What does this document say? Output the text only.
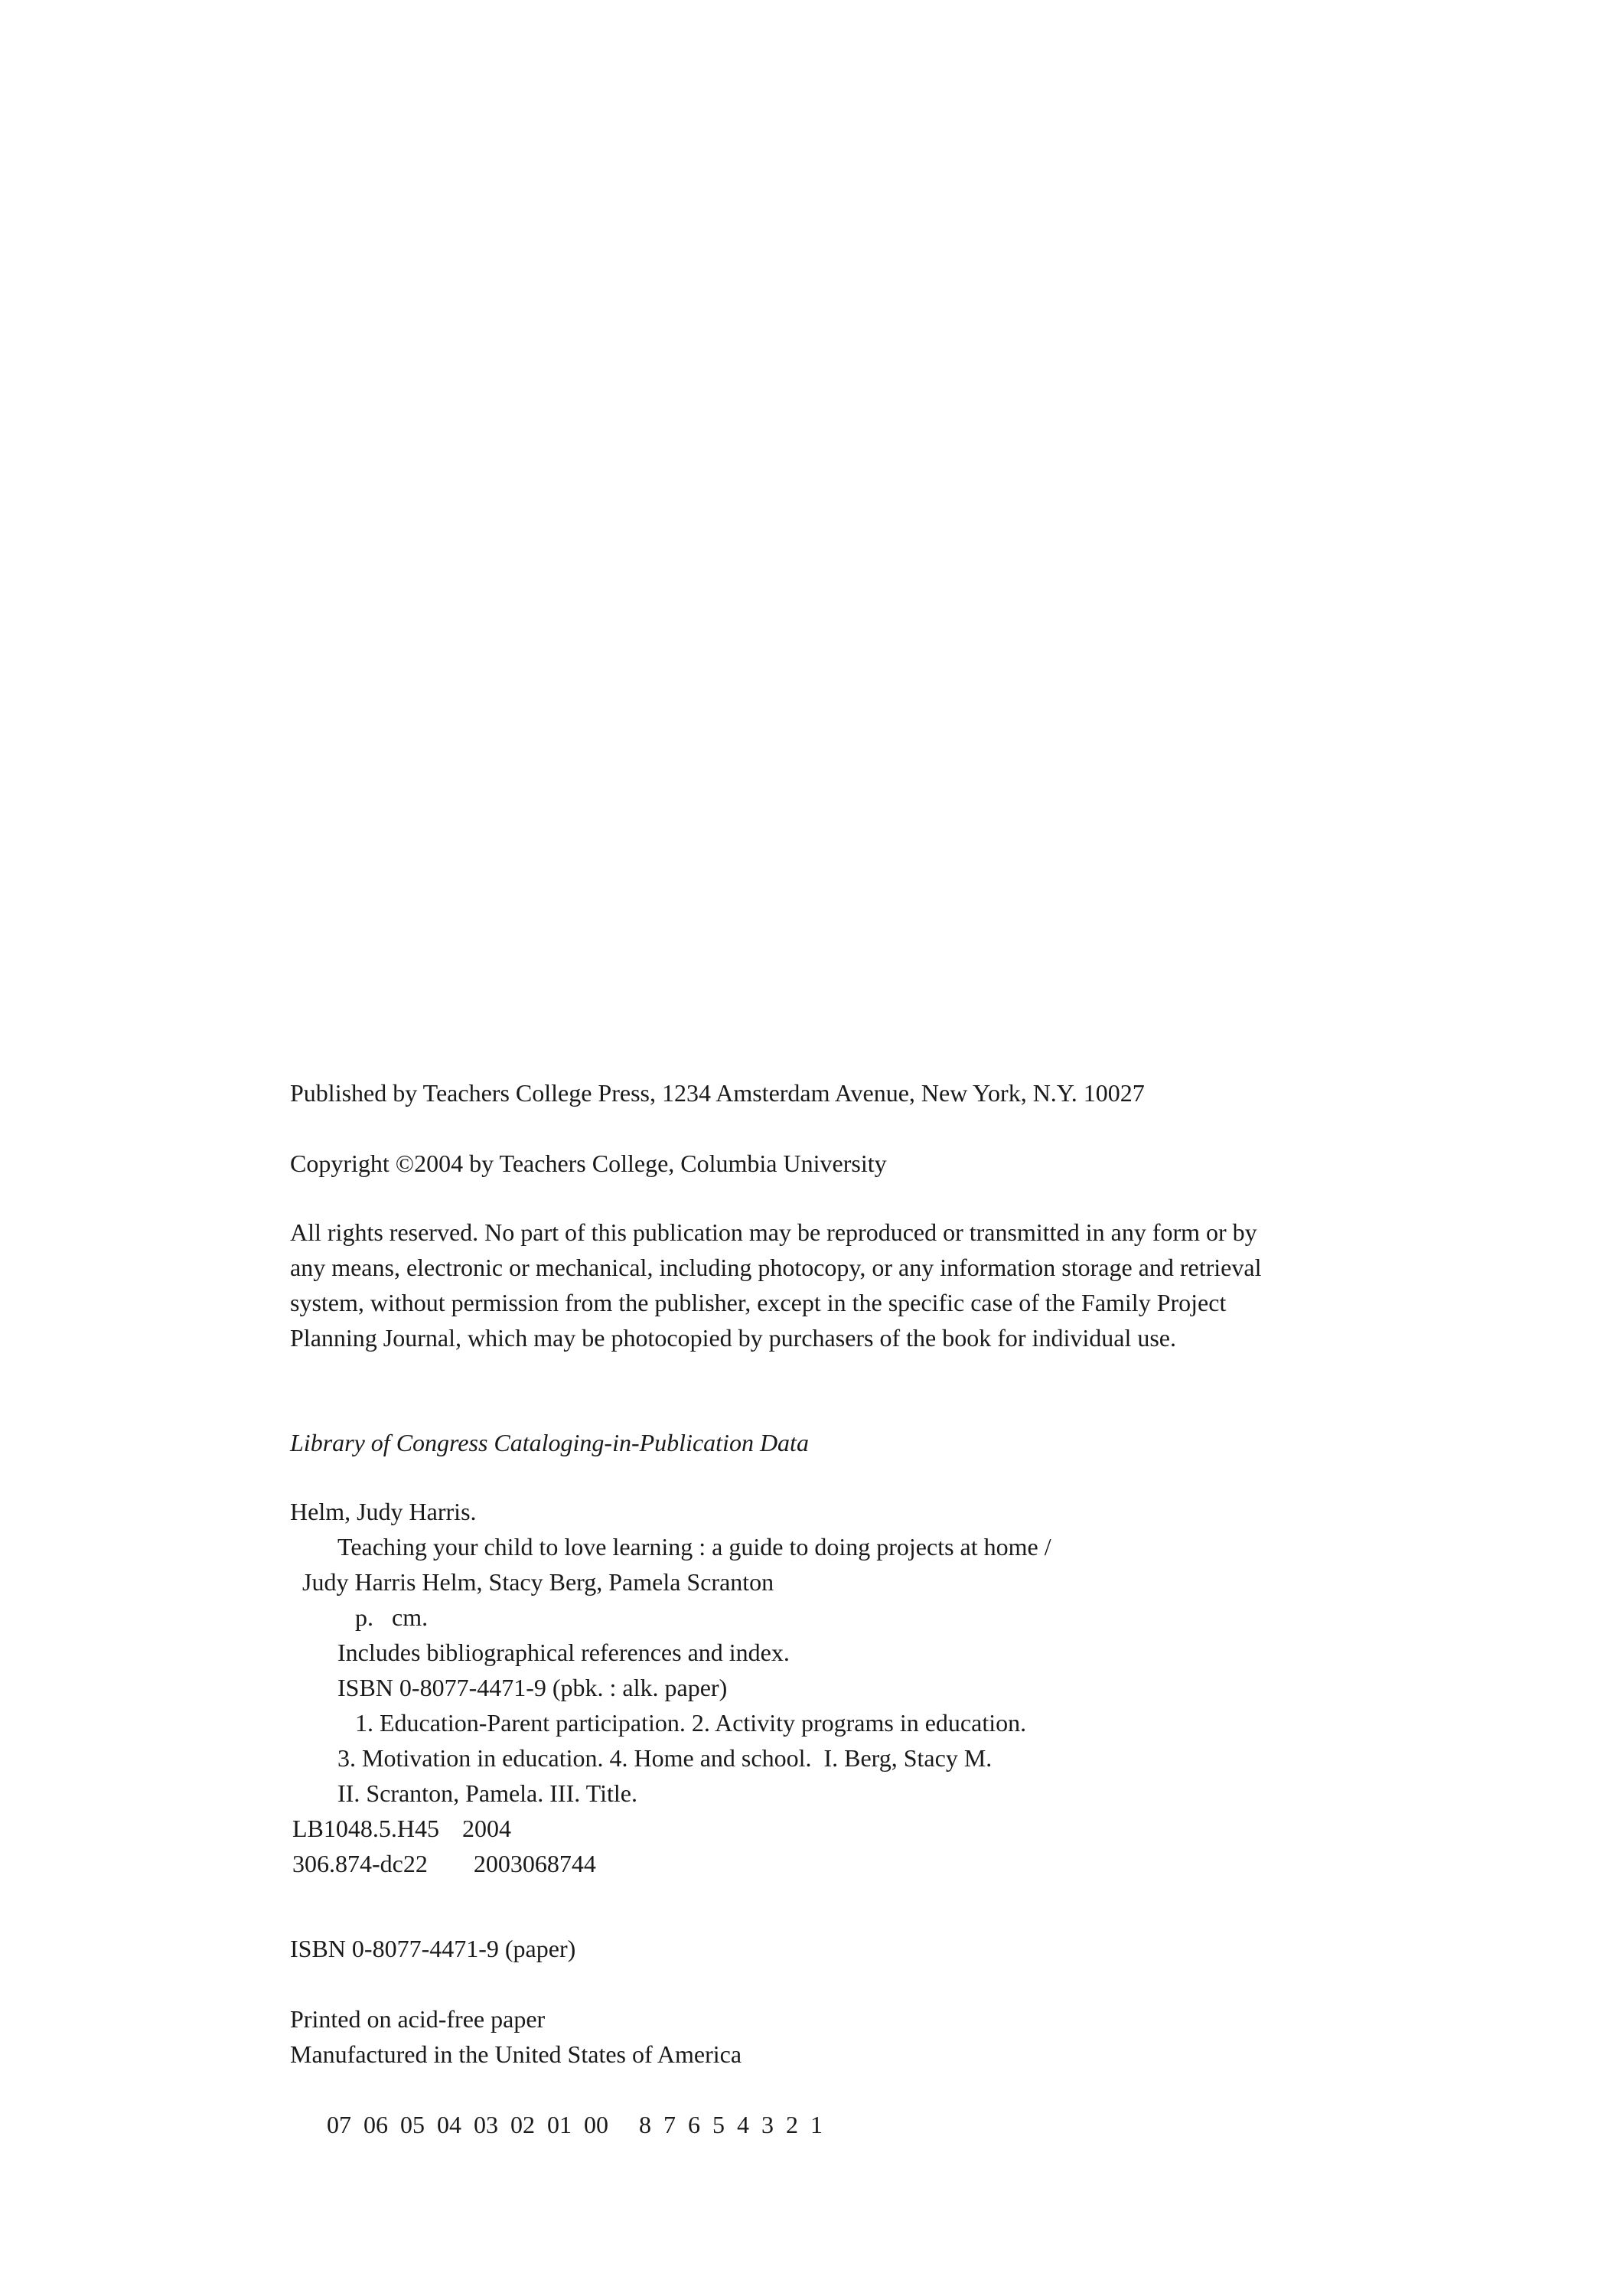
Published by Teachers College Press, 1234 Amsterdam Avenue, New York, N.Y. 10027
Copyright ©2004 by Teachers College, Columbia University
All rights reserved. No part of this publication may be reproduced or transmitted in any form or by
any means, electronic or mechanical, including photocopy, or any information storage and retrieval
system, without permission from the publisher, except in the specific case of the Family Project
Planning Journal, which may be photocopied by purchasers of the book for individual use.
Library of Congress Cataloging-in-Publication Data
Helm, Judy Harris.
Teaching your child to love learning : a guide to doing projects at home /
Judy Harris Helm, Stacy Berg, Pamela Scranton
p.   cm.
Includes bibliographical references and index.
ISBN 0-8077-4471-9 (pbk. : alk. paper)
1. Education-Parent participation. 2. Activity programs in education.
3. Motivation in education. 4. Home and school.  I. Berg, Stacy M.
II. Scranton, Pamela. III. Title.
LB1048.5.H45 2004
306.874-dc22 2003068744
ISBN 0-8077-4471-9 (paper)
Printed on acid-free paper
Manufactured in the United States of America

07  06  05  04  03  02  01  00 8 7 6 5 4 3 2 1
